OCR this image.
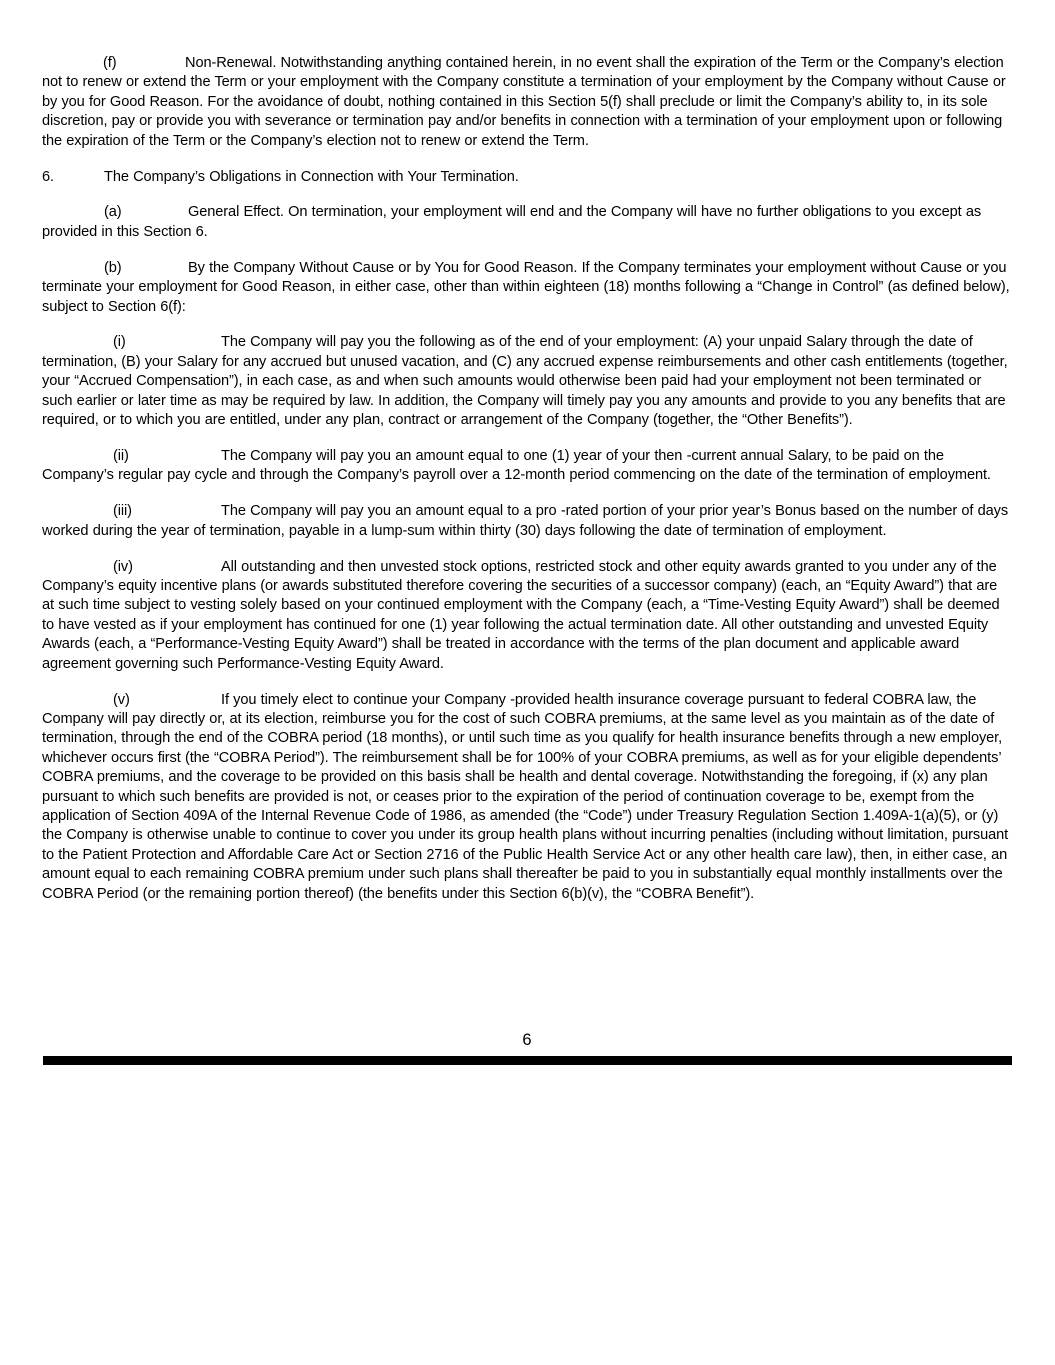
(f)	Non-Renewal. Notwithstanding anything contained herein, in no event shall the expiration of the Term or the Company’s election not to renew or extend the Term or your employment with the Company constitute a termination of your employment by the Company without Cause or by you for Good Reason. For the avoidance of doubt, nothing contained in this Section 5(f) shall preclude or limit the Company’s ability to, in its sole discretion, pay or provide you with severance or termination pay and/or benefits in connection with a termination of your employment upon or following the expiration of the Term or the Company’s election not to renew or extend the Term.

6.	The Company’s Obligations in Connection with Your Termination.

(a)	General Effect. On termination, your employment will end and the Company will have no further obligations to you except as provided in this Section 6.

(b)	By the Company Without Cause or by You for Good Reason. If the Company terminates your employment without Cause or you terminate your employment for Good Reason, in either case, other than within eighteen (18) months following a “Change in Control” (as defined below), subject to Section 6(f):

(i)	The Company will pay you the following as of the end of your employment: (A) your unpaid Salary through the date of termination, (B) your Salary for any accrued but unused vacation, and (C) any accrued expense reimbursements and other cash entitlements (together, your “Accrued Compensation”), in each case, as and when such amounts would otherwise been paid had your employment not been terminated or such earlier or later time as may be required by law. In addition, the Company will timely pay you any amounts and provide to you any benefits that are required, or to which you are entitled, under any plan, contract or arrangement of the Company (together, the “Other Benefits”).

(ii)	The Company will pay you an amount equal to one (1) year of your then -current annual Salary, to be paid on the Company’s regular pay cycle and through the Company’s payroll over a 12-month period commencing on the date of the termination of employment.

(iii)	The Company will pay you an amount equal to a pro -rated portion of your prior year’s Bonus based on the number of days worked during the year of termination, payable in a lump-sum within thirty (30) days following the date of termination of employment.

(iv)	All outstanding and then unvested stock options, restricted stock and other equity awards granted to you under any of the Company’s equity incentive plans (or awards substituted therefore covering the securities of a successor company) (each, an “Equity Award”) that are at such time subject to vesting solely based on your continued employment with the Company (each, a “Time-Vesting Equity Award”) shall be deemed to have vested as if your employment has continued for one (1) year following the actual termination date. All other outstanding and unvested Equity Awards (each, a “Performance-Vesting Equity Award”) shall be treated in accordance with the terms of the plan document and applicable award agreement governing such Performance-Vesting Equity Award.

(v)	If you timely elect to continue your Company -provided health insurance coverage pursuant to federal COBRA law, the Company will pay directly or, at its election, reimburse you for the cost of such COBRA premiums, at the same level as you maintain as of the date of termination, through the end of the COBRA period (18 months), or until such time as you qualify for health insurance benefits through a new employer, whichever occurs first (the “COBRA Period”). The reimbursement shall be for 100% of your COBRA premiums, as well as for your eligible dependents’ COBRA premiums, and the coverage to be provided on this basis shall be health and dental coverage. Notwithstanding the foregoing, if (x) any plan pursuant to which such benefits are provided is not, or ceases prior to the expiration of the period of continuation coverage to be, exempt from the application of Section 409A of the Internal Revenue Code of 1986, as amended (the “Code”) under Treasury Regulation Section 1.409A-1(a)(5), or (y) the Company is otherwise unable to continue to cover you under its group health plans without incurring penalties (including without limitation, pursuant to the Patient Protection and Affordable Care Act or Section 2716 of the Public Health Service Act or any other health care law), then, in either case, an amount equal to each remaining COBRA premium under such plans shall thereafter be paid to you in substantially equal monthly installments over the COBRA Period (or the remaining portion thereof) (the benefits under this Section 6(b)(v), the “COBRA Benefit”).

6
